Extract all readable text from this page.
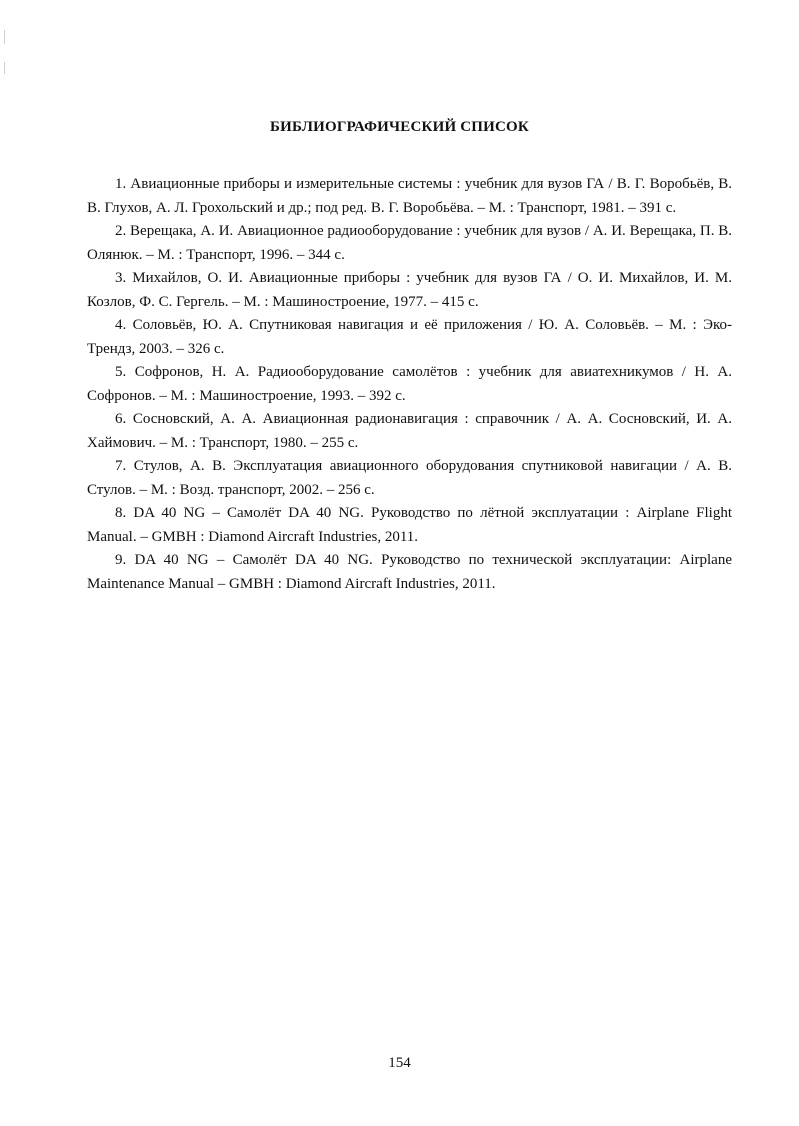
БИБЛИОГРАФИЧЕСКИЙ СПИСОК
1. Авиационные приборы и измерительные системы : учебник для вузов ГА / В. Г. Воробьёв, В. В. Глухов, А. Л. Грохольский и др.; под ред. В. Г. Воробьёва. – М. : Транспорт, 1981. – 391 с.
2. Верещака, А. И. Авиационное радиооборудование : учебник для вузов / А. И. Верещака, П. В. Олянюк. – М. : Транспорт, 1996. – 344 с.
3. Михайлов, О. И. Авиационные приборы : учебник для вузов ГА / О. И. Михайлов, И. М. Козлов, Ф. С. Гергель. – М. : Машиностроение, 1977. – 415 с.
4. Соловьёв, Ю. А. Спутниковая навигация и её приложения / Ю. А. Соловьёв. – М. : Эко-Трендз, 2003. – 326 с.
5. Софронов, Н. А. Радиооборудование самолётов : учебник для авиатехникумов / Н. А. Софронов. – М. : Машиностроение, 1993. – 392 с.
6. Сосновский, А. А. Авиационная радионавигация : справочник / А. А. Сосновский, И. А. Хаймович. – М. : Транспорт, 1980. – 255 с.
7. Стулов, А. В. Эксплуатация авиационного оборудования спутниковой навигации / А. В. Стулов. – М. : Возд. транспорт, 2002. – 256 с.
8. DA 40 NG – Самолёт DA 40 NG. Руководство по лётной эксплуатации : Airplane Flight Manual. – GMBH : Diamond Aircraft Industries, 2011.
9. DA 40 NG – Самолёт DA 40 NG. Руководство по технической эксплуатации: Airplane Maintenance Manual – GMBH : Diamond Aircraft Industries, 2011.
154
